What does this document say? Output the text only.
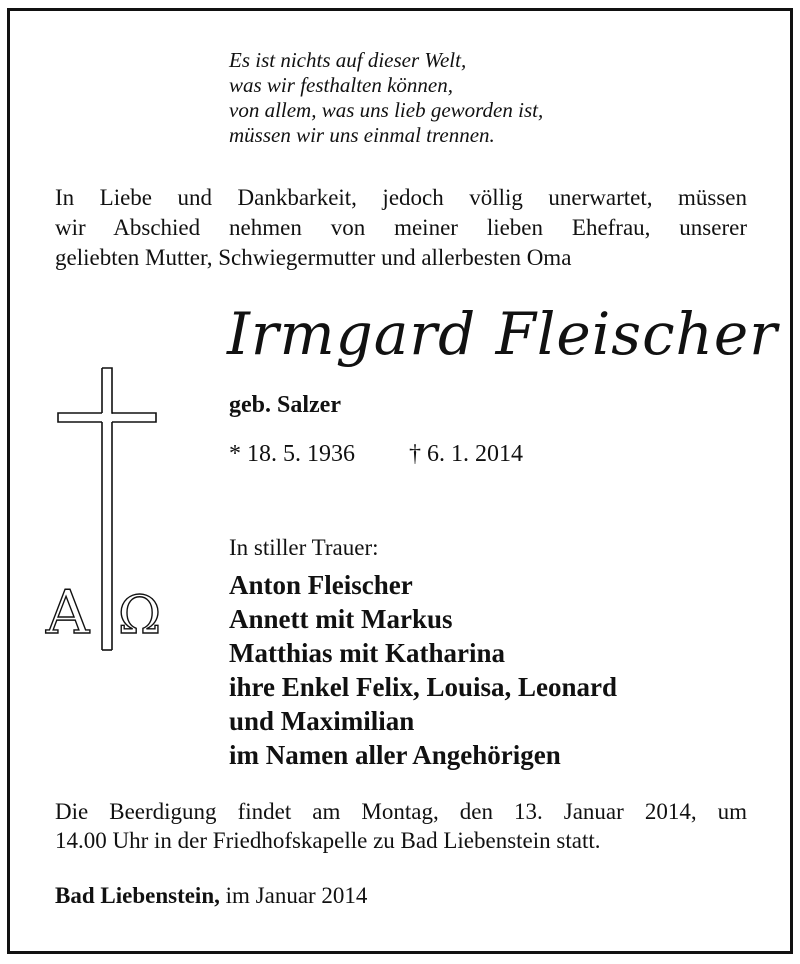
Es ist nichts auf dieser Welt,
was wir festhalten können,
von allem, was uns lieb geworden ist,
müssen wir uns einmal trennen.
In Liebe und Dankbarkeit, jedoch völlig unerwartet, müssen
wir Abschied nehmen von meiner lieben Ehefrau, unserer
geliebten Mutter, Schwiegermutter und allerbesten Oma
Irmgard Fleischer
geb. Salzer
* 18. 5. 1936 † 6. 1. 2014
A Ω
In stiller Trauer:
Anton Fleischer
Annett mit Markus
Matthias mit Katharina
ihre Enkel Felix, Louisa, Leonard
und Maximilian
im Namen aller Angehörigen
Die Beerdigung findet am Montag, den 13. Januar 2014, um
14.00 Uhr in der Friedhofskapelle zu Bad Liebenstein statt.
Bad Liebenstein, im Januar 2014
